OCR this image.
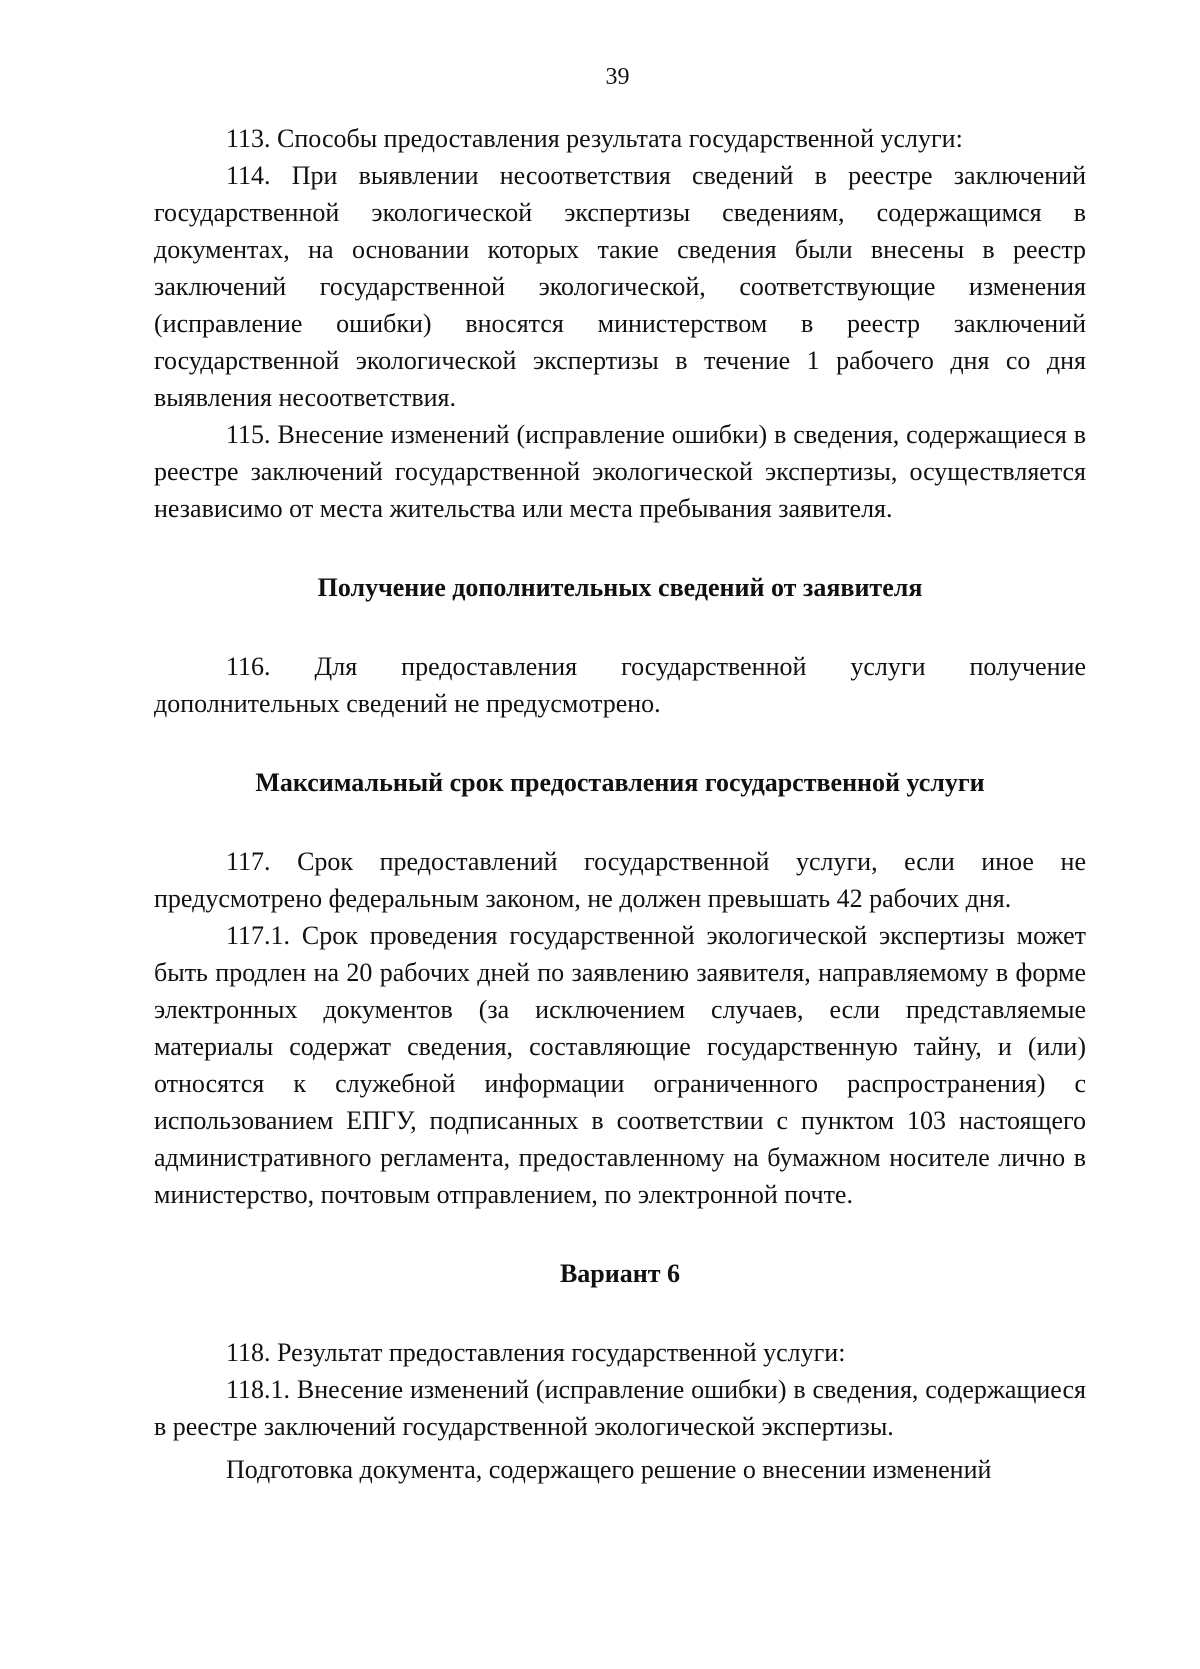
39

113. Способы предоставления результата государственной услуги:

114. При выявлении несоответствия сведений в реестре заключений государственной экологической экспертизы сведениям, содержащимся в документах, на основании которых такие сведения были внесены в реестр заключений государственной экологической, соответствующие изменения (исправление ошибки) вносятся министерством в реестр заключений государственной экологической экспертизы в течение 1 рабочего дня со дня выявления несоответствия.

115. Внесение изменений (исправление ошибки) в сведения, содержащиеся в реестре заключений государственной экологической экспертизы, осуществляется независимо от места жительства или места пребывания заявителя.

Получение дополнительных сведений от заявителя

116. Для предоставления государственной услуги получение дополнительных сведений не предусмотрено.

Максимальный срок предоставления государственной услуги

117. Срок предоставлений государственной услуги, если иное не предусмотрено федеральным законом, не должен превышать 42 рабочих дня.

117.1. Срок проведения государственной экологической экспертизы может быть продлен на 20 рабочих дней по заявлению заявителя, направляемому в форме электронных документов (за исключением случаев, если представляемые материалы содержат сведения, составляющие государственную тайну, и (или) относятся к служебной информации ограниченного распространения) с использованием ЕПГУ, подписанных в соответствии с пунктом 103 настоящего административного регламента, предоставленному на бумажном носителе лично в министерство, почтовым отправлением, по электронной почте.

Вариант 6

118. Результат предоставления государственной услуги:

118.1. Внесение изменений (исправление ошибки) в сведения, содержащиеся в реестре заключений государственной экологической экспертизы.

Подготовка документа, содержащего решение о внесении изменений
